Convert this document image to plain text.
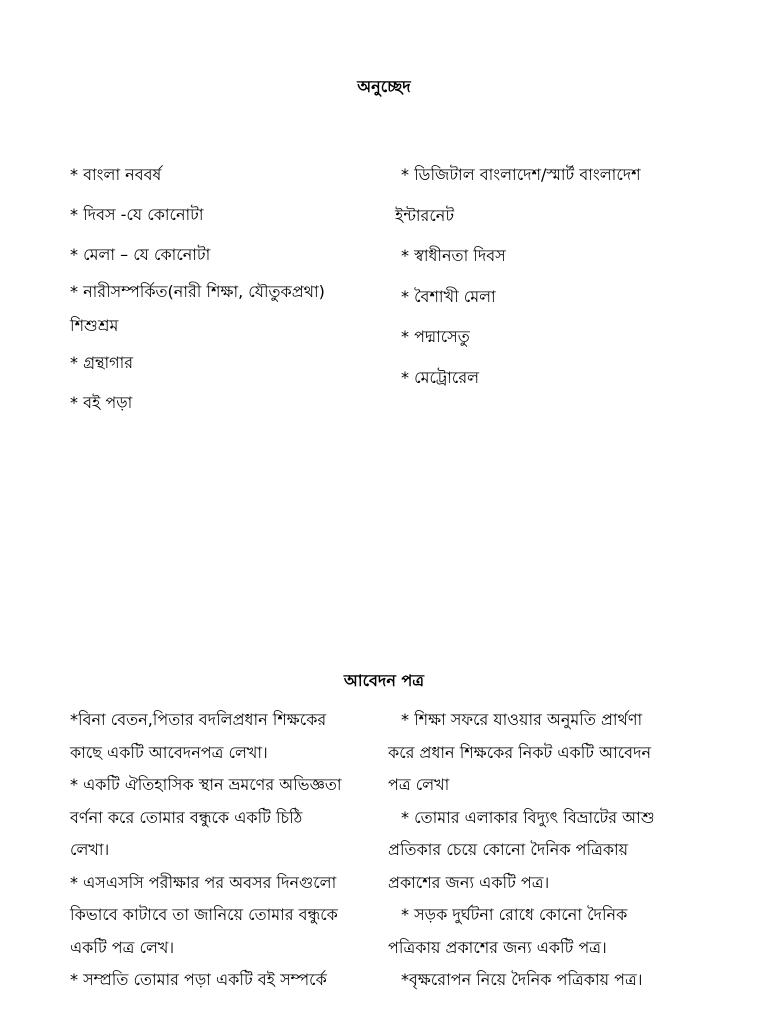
অনুচ্ছেদ

* বাংলা নববর্ষ

* দিবস -যে কোনোটা

* মেলা – যে কোনোটা

* নারীসম্পর্কিত(নারী শিক্ষা, যৌতুকপ্রথা)

শিশুশ্রম

* গ্রন্থাগার

* বই পড়া

* ডিজিটাল বাংলাদেশ/স্মার্ট বাংলাদেশ

ইন্টারনেট

* স্বাধীনতা দিবস

* বৈশাখী মেলা

* পদ্মাসেতু

* মেট্রোরেল

আবেদন পত্র

*বিনা বেতন,পিতার বদলিপ্রধান শিক্ষকের
কাছে একটি আবেদনপত্র লেখা।

* একটি ঐতিহাসিক স্থান ভ্রমণের অভিজ্ঞতা
বর্ণনা করে তোমার বন্ধুকে একটি চিঠি
লেখা।

* এসএসসি পরীক্ষার পর অবসর দিনগুলো
কিভাবে কাটাবে তা জানিয়ে তোমার বন্ধুকে
একটি পত্র লেখ।

* সম্প্রতি তোমার পড়া একটি বই সম্পর্কে

* শিক্ষা সফরে যাওয়ার অনুমতি প্রার্থণা
করে প্রধান শিক্ষকের নিকট একটি আবেদন
পত্র লেখা

* তোমার এলাকার বিদ্যুৎ বিভ্রাটের আশু
প্রতিকার চেয়ে কোনো দৈনিক পত্রিকায়
প্রকাশের জন্য একটি পত্র।

* সড়ক দুর্ঘটনা রোধে কোনো দৈনিক
পত্রিকায় প্রকাশের জন্য একটি পত্র।

*বৃক্ষরোপন নিয়ে দৈনিক পত্রিকায় পত্র।
